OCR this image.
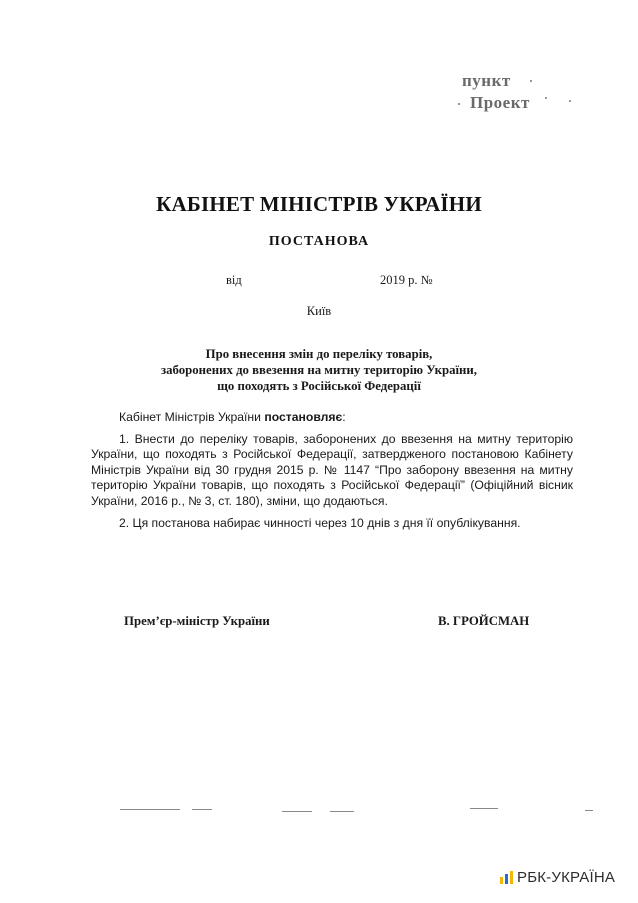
пункт
Проект
КАБІНЕТ МІНІСТРІВ УКРАЇНИ
ПОСТАНОВА
від	2019 р. №
Київ
Про внесення змін до переліку товарів,
заборонених до ввезення на митну територію України,
що походять з Російської Федерації

Кабінет Міністрів України постановляє:

1. Внести до переліку товарів, заборонених до ввезення на митну територію України, що походять з Російської Федерації, затвердженого постановою Кабінету Міністрів України від 30 грудня 2015 р. № 1147 “Про заборону ввезення на митну територію України товарів, що походять з Російської Федерації” (Офіційний вісник України, 2016 р., № 3, ст. 180), зміни, що додаються.

2. Ця постанова набирає чинності через 10 днів з дня її опублікування.

Прем’єр-міністр України	В. ГРОЙСМАН
РБК-УКРАЇНА
